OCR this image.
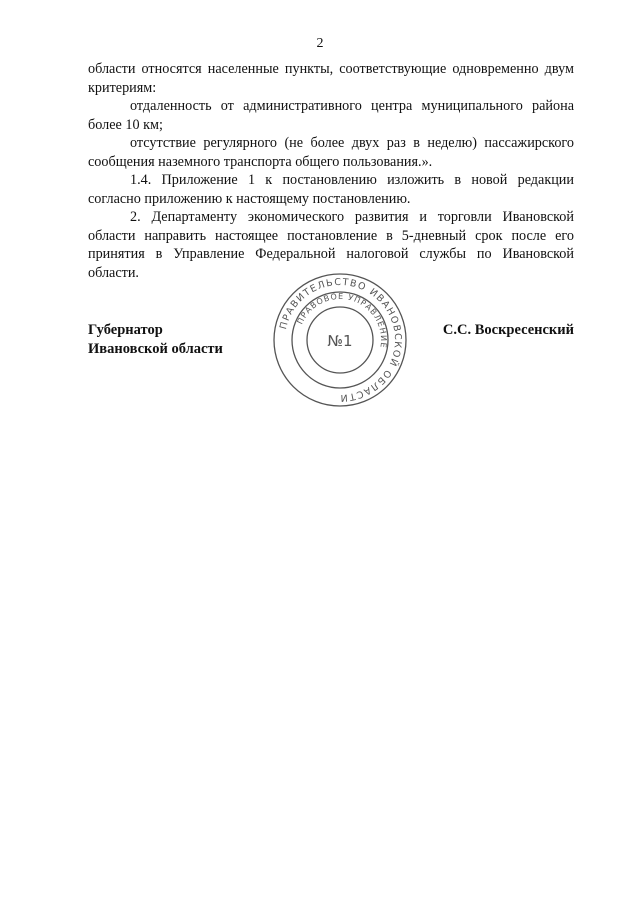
2

области относятся населенные пункты, соответствующие одновременно двум критериям:

отдаленность от административного центра муниципального района более 10 км;

отсутствие регулярного (не более двух раз в неделю) пассажирского сообщения наземного транспорта общего пользования.».

1.4. Приложение 1 к постановлению изложить в новой редакции согласно приложению к настоящему постановлению.

2. Департаменту экономического развития и торговли Ивановской области направить настоящее постановление в 5-дневный срок после его принятия в Управление Федеральной налоговой службы по Ивановской области.

Губернатор
Ивановской области
С.С. Воскресенский
ПРАВИТЕЛЬСТВО ИВАНОВСКОЙ ОБЛАСТИ
ПРАВОВОЕ УПРАВЛЕНИЕ
№1
